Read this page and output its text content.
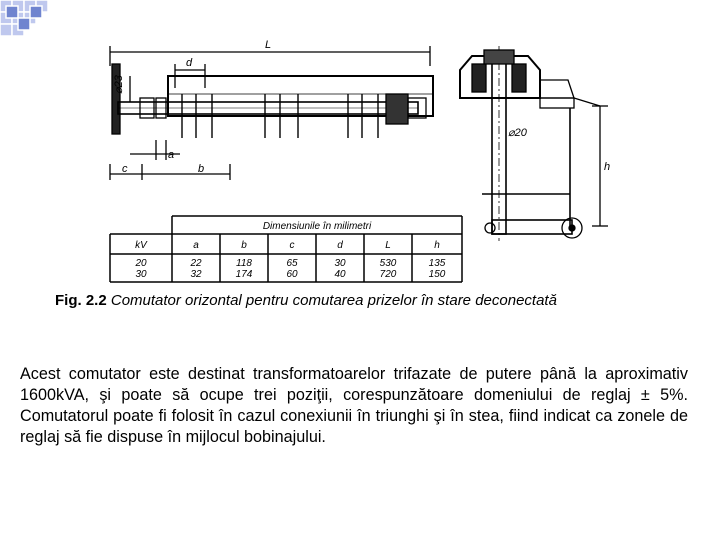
L
d
a
c	b	h
⌀23
⌀20
Dimensiunile în milimetri
kV	a	b	c	d	L	h
20	22	118	65	30	530	135
30	32	174	60	40	720	150
Fig. 2.2 Comutator orizontal pentru comutarea prizelor în stare deconectată
Acest comutator este destinat transformatoarelor trifazate de putere până la aproximativ 1600kVA, şi poate să ocupe trei poziţii, corespunzătoare domeniului de reglaj ± 5%. Comutatorul poate fi folosit în cazul conexiunii în triunghi şi în stea, fiind indicat ca zonele de reglaj să fie dispuse în mijlocul bobinajului.
